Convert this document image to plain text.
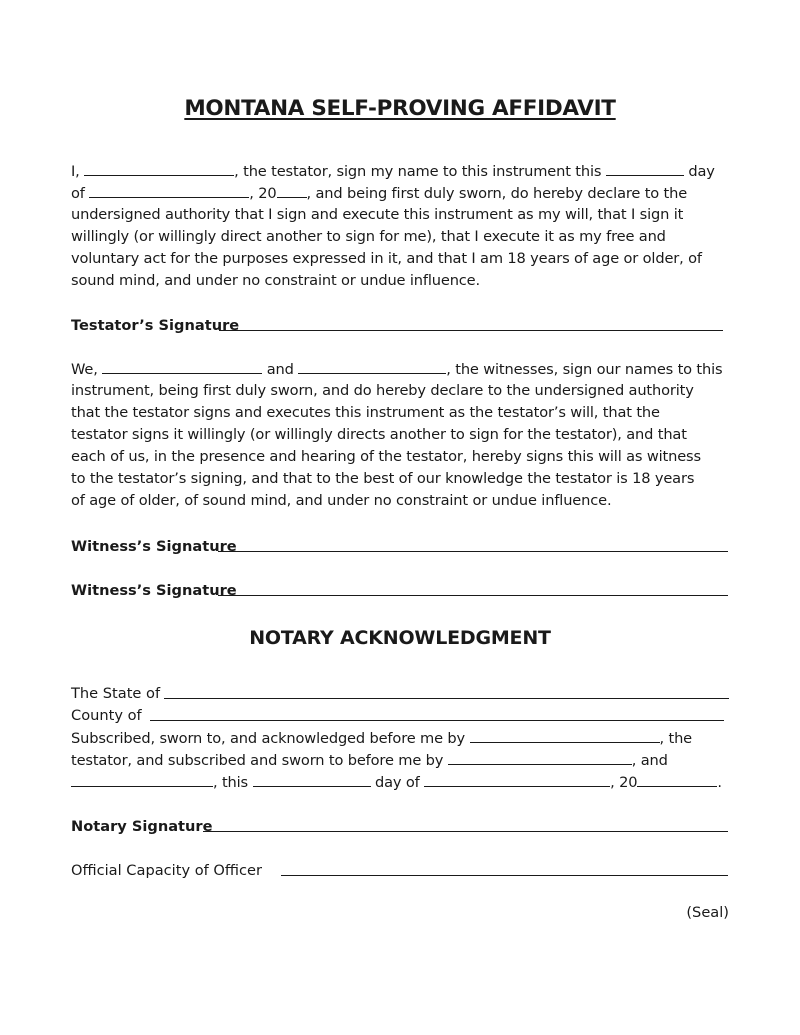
MONTANA SELF-PROVING AFFIDAVIT
I,	, the testator, sign my name to this instrument this	day
of	, 20 , and being first duly sworn, do hereby declare to the
undersigned authority that I sign and execute this instrument as my will, that I sign it
willingly (or willingly direct another to sign for me), that I execute it as my free and
voluntary act for the purposes expressed in it, and that I am 18 years of age or older, of
sound mind, and under no constraint or undue influence.
Testator’s Signature
We,	and	, the witnesses, sign our names to this
instrument, being first duly sworn, and do hereby declare to the undersigned authority
that the testator signs and executes this instrument as the testator’s will, that the
testator signs it willingly (or willingly directs another to sign for the testator), and that
each of us, in the presence and hearing of the testator, hereby signs this will as witness
to the testator’s signing, and that to the best of our knowledge the testator is 18 years
of age of older, of sound mind, and under no constraint or undue influence.
Witness’s Signature
Witness’s Signature
NOTARY ACKNOWLEDGMENT
The State of
County of
Subscribed, sworn to, and acknowledged before me by	, the
testator, and subscribed and sworn to before me by	, and
, this	day of	, 20	.
Notary Signature
Official Capacity of Officer
(Seal)
